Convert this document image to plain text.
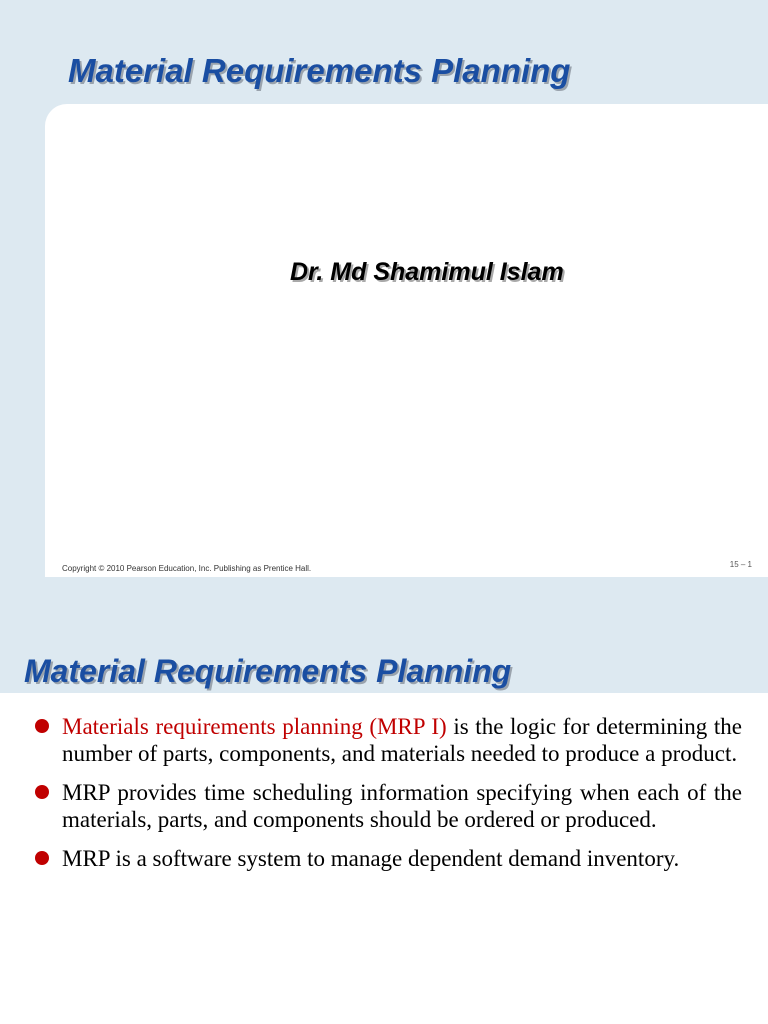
Material Requirements Planning
Dr. Md Shamimul Islam
Copyright © 2010 Pearson Education, Inc. Publishing as Prentice Hall.	15 – 1
Material Requirements Planning
Materials requirements planning (MRP I) is the logic for determining the number of parts, components, and materials needed to produce a product.
MRP provides time scheduling information specifying when each of the materials, parts, and components should be ordered or produced.
MRP is a software system to manage dependent demand inventory.
